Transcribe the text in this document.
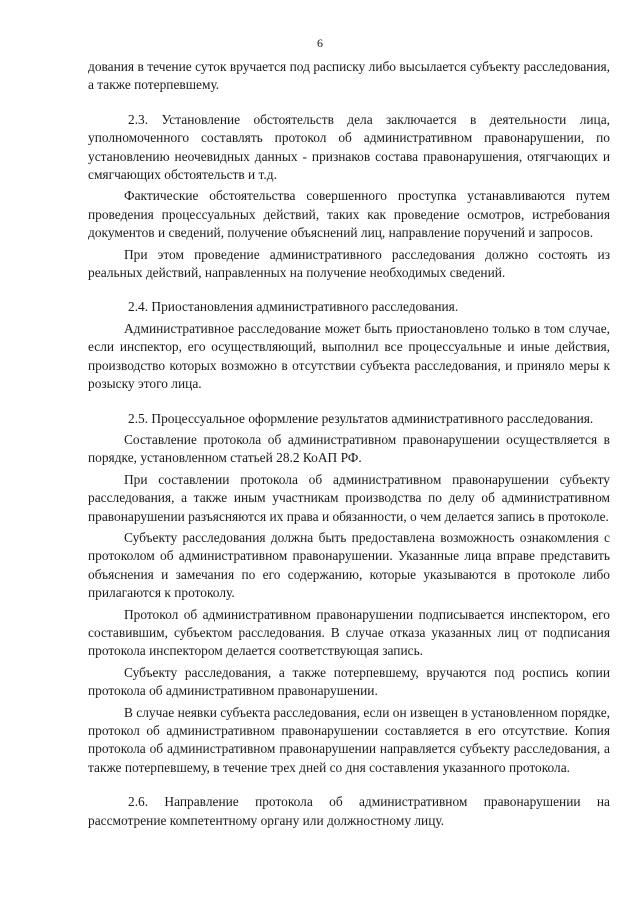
6

дования в течение суток вручается под расписку либо высылается субъекту расследования, а также потерпевшему.

2.3. Установление обстоятельств дела заключается в деятельности лица, уполномоченного составлять протокол об административном правонарушении, по установлению неочевидных данных - признаков состава правонарушения, отягчающих и смягчающих обстоятельств и т.д.

Фактические обстоятельства совершенного проступка устанавливаются путем проведения процессуальных действий, таких как проведение осмотров, истребования документов и сведений, получение объяснений лиц, направление поручений и запросов.

При этом проведение административного расследования должно состоять из реальных действий, направленных на получение необходимых сведений.

2.4. Приостановления административного расследования.

Административное расследование может быть приостановлено только в том случае, если инспектор, его осуществляющий, выполнил все процессуальные и иные действия, производство которых возможно в отсутствии субъекта расследования, и приняло меры к розыску этого лица.

2.5. Процессуальное оформление результатов административного расследования.

Составление протокола об административном правонарушении осуществляется в порядке, установленном статьей 28.2 КоАП РФ.

При составлении протокола об административном правонарушении субъекту расследования, а также иным участникам производства по делу об административном правонарушении разъясняются их права и обязанности, о чем делается запись в протоколе.

Субъекту расследования должна быть предоставлена возможность ознакомления с протоколом об административном правонарушении. Указанные лица вправе представить объяснения и замечания по его содержанию, которые указываются в протоколе либо прилагаются к протоколу.

Протокол об административном правонарушении подписывается инспектором, его составившим, субъектом расследования. В случае отказа указанных лиц от подписания протокола инспектором делается соответствующая запись.

Субъекту расследования, а также потерпевшему, вручаются под роспись копии протокола об административном правонарушении.

В случае неявки субъекта расследования, если он извещен в установленном порядке, протокол об административном правонарушении составляется в его отсутствие. Копия протокола об административном правонарушении направляется субъекту расследования, а также потерпевшему, в течение трех дней со дня составления указанного протокола.

2.6. Направление протокола об административном правонарушении на рассмотрение компетентному органу или должностному лицу.
